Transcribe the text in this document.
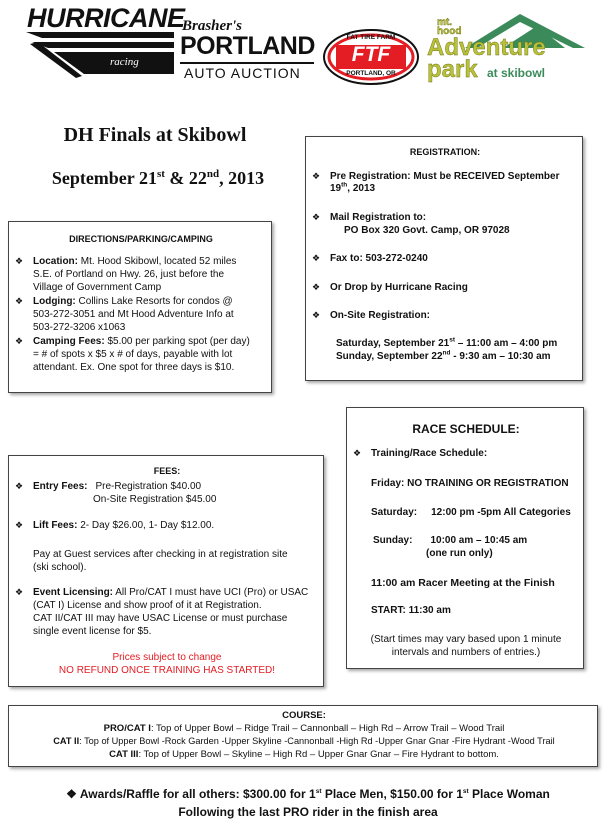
HURRICANE
racing
Brasher's
PORTLAND
AUTO AUCTION
FAT TIRE FARM
FTF
PORTLAND, OR
mt.
hood
Adventure
park at skibowl
DH Finals at Skibowl
September 21st & 22nd, 2013
DIRECTIONS/PARKING/CAMPING
❖ Location: Mt. Hood Skibowl, located 52 miles
S.E. of Portland on Hwy. 26, just before the
Village of Government Camp
❖ Lodging: Collins Lake Resorts for condos @
503-272-3051 and Mt Hood Adventure Info at
503-272-3206 x1063
❖ Camping Fees: $5.00 per parking spot (per day)
= # of spots x $5 x # of days, payable with lot
attendant. Ex. One spot for three days is $10.
REGISTRATION:
❖ Pre Registration: Must be RECEIVED September
19th, 2013
❖ Mail Registration to:
PO Box 320 Govt. Camp, OR 97028
❖ Fax to: 503-272-0240
❖ Or Drop by Hurricane Racing
❖ On-Site Registration:
Saturday, September 21st – 11:00 am – 4:00 pm
Sunday, September 22nd - 9:30 am – 10:30 am
RACE SCHEDULE:
❖ Training/Race Schedule:
Friday: NO TRAINING OR REGISTRATION
Saturday: 12:00 pm -5pm All Categories
Sunday: 10:00 am – 10:45 am
(one run only)
11:00 am Racer Meeting at the Finish
START: 11:30 am
(Start times may vary based upon 1 minute
intervals and numbers of entries.)
FEES:
❖ Entry Fees: Pre-Registration $40.00
On-Site Registration $45.00
❖ Lift Fees: 2- Day $26.00, 1- Day $12.00.
Pay at Guest services after checking in at registration site
(ski school).
❖ Event Licensing: All Pro/CAT I must have UCI (Pro) or USAC
(CAT I) License and show proof of it at Registration.
CAT II/CAT III may have USAC License or must purchase
single event license for $5.
Prices subject to change
NO REFUND ONCE TRAINING HAS STARTED!
COURSE:
PRO/CAT I: Top of Upper Bowl – Ridge Trail – Cannonball – High Rd – Arrow Trail – Wood Trail
CAT II: Top of Upper Bowl -Rock Garden -Upper Skyline -Cannonball -High Rd -Upper Gnar Gnar -Fire Hydrant -Wood Trail
CAT III: Top of Upper Bowl – Skyline – High Rd – Upper Gnar Gnar – Fire Hydrant to bottom.
❖ Awards/Raffle for all others: $300.00 for 1st Place Men, $150.00 for 1st Place Woman
Following the last PRO rider in the finish area
